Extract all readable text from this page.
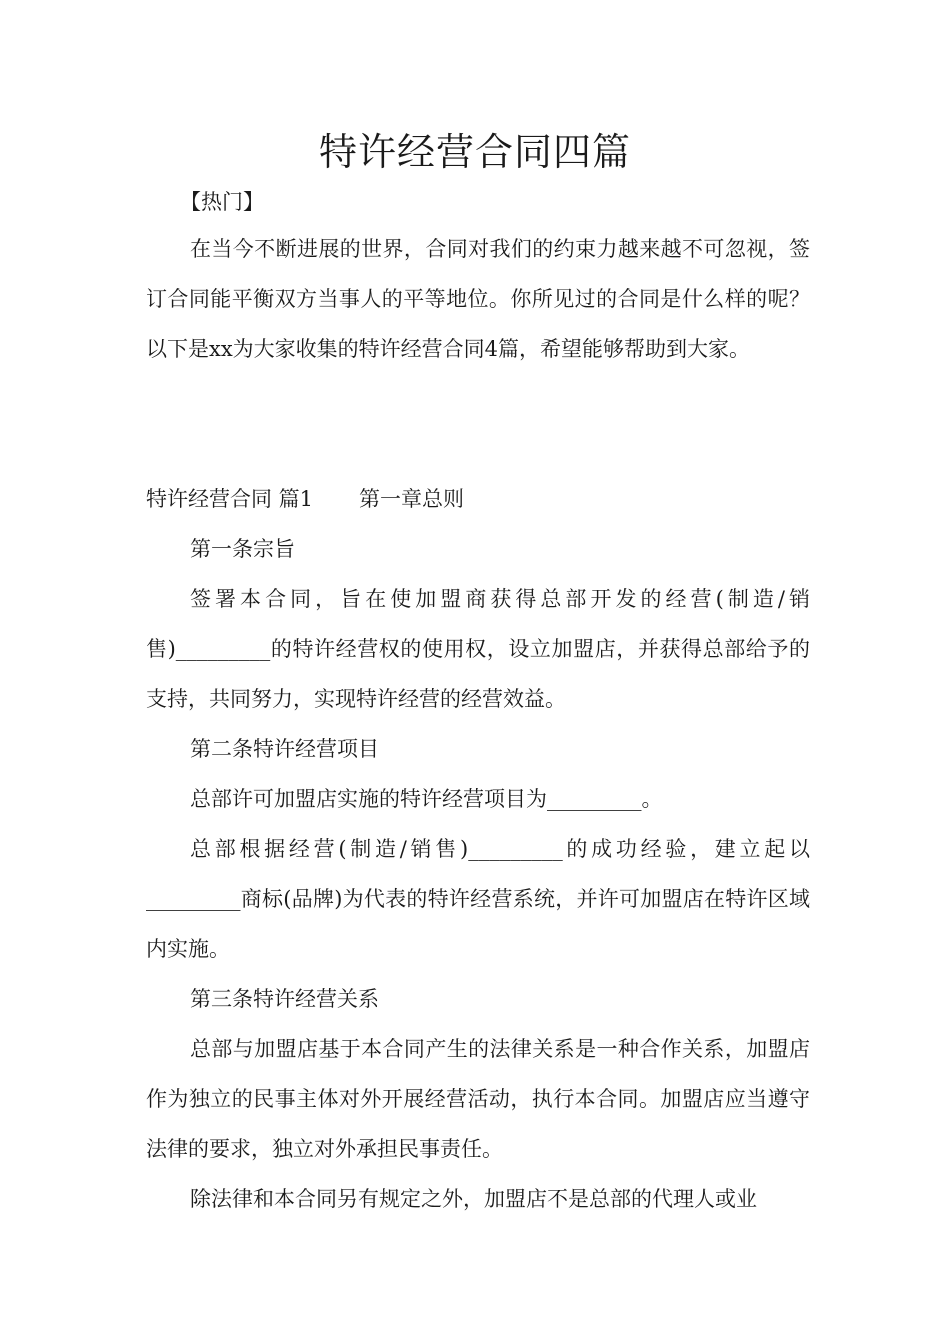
特许经营合同四篇
【热门】

在当今不断进展的世界，合同对我们的约束力越来越不可忽视，签订合同能平衡双方当事人的平等地位。你所见过的合同是什么样的呢？以下是xx为大家收集的特许经营合同4篇，希望能够帮助到大家。

特许经营合同 篇1 第一章总则

第一条宗旨

签署本合同，旨在使加盟商获得总部开发的经营(制造/销售)_________的特许经营权的使用权，设立加盟店，并获得总部给予的支持，共同努力，实现特许经营的经营效益。

第二条特许经营项目

总部许可加盟店实施的特许经营项目为_________。

总部根据经营(制造/销售)_________的成功经验，建立起以_________商标(品牌)为代表的特许经营系统，并许可加盟店在特许区域内实施。

第三条特许经营关系

总部与加盟店基于本合同产生的法律关系是一种合作关系，加盟店作为独立的民事主体对外开展经营活动，执行本合同。加盟店应当遵守法律的要求，独立对外承担民事责任。

除法律和本合同另有规定之外，加盟店不是总部的代理人或业
